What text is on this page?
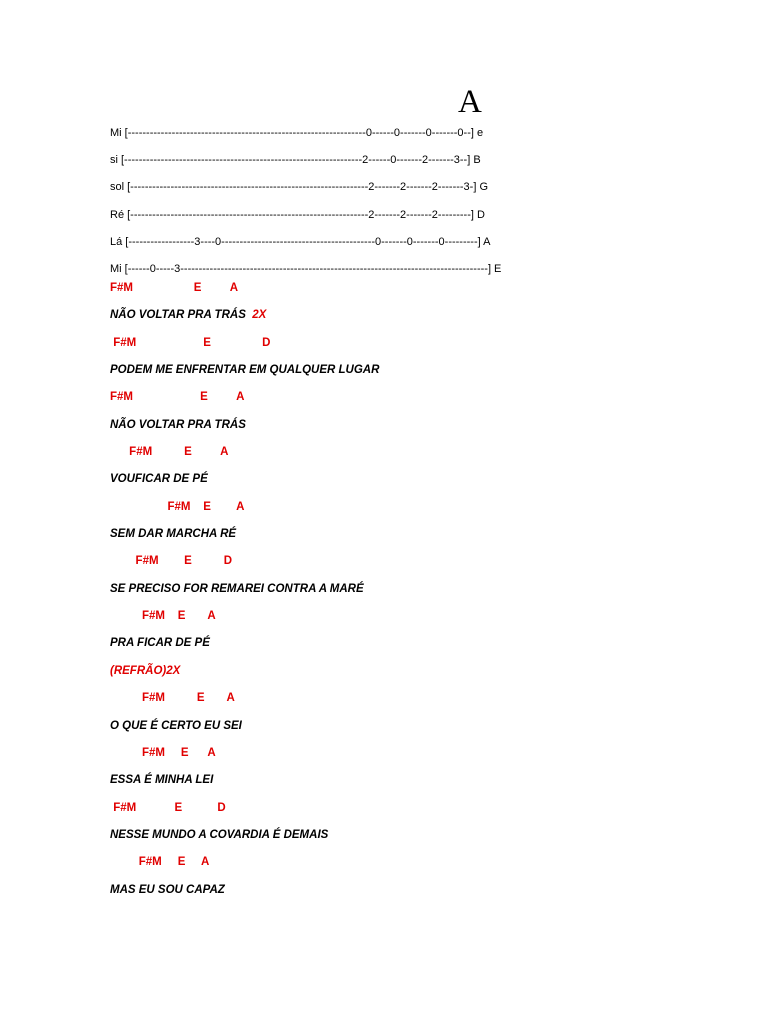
A
Mi [-----------------------------------------------------------------0------0-------0-------0--] e
si [-----------------------------------------------------------------2------0-------2-------3--] B
sol [-----------------------------------------------------------------2-------2-------2-------3-] G
Ré [-----------------------------------------------------------------2-------2-------2---------] D
Lá [------------------3----0------------------------------------------0-------0-------0---------] A
Mi [------0-----3------------------------------------------------------------------------------------] E
F#M                   E         A
NÃO VOLTAR PRA TRÁS  2X
F#M                     E                D
PODEM ME ENFRENTAR EM QUALQUER LUGAR
F#M                     E         A
NÃO VOLTAR PRA TRÁS
F#M          E         A
VOUFICAR DE PÉ
F#M    E        A
SEM DAR MARCHA RÉ
F#M        E          D
SE PRECISO FOR REMAREI CONTRA A MARÉ
F#M    E       A
PRA FICAR DE PÉ
(REFRÃO)2X
F#M          E       A
O QUE É CERTO EU SEI
F#M     E      A
ESSA É MINHA LEI
F#M            E           D
NESSE MUNDO A COVARDIA É DEMAIS
F#M     E     A
MAS EU SOU CAPAZ
